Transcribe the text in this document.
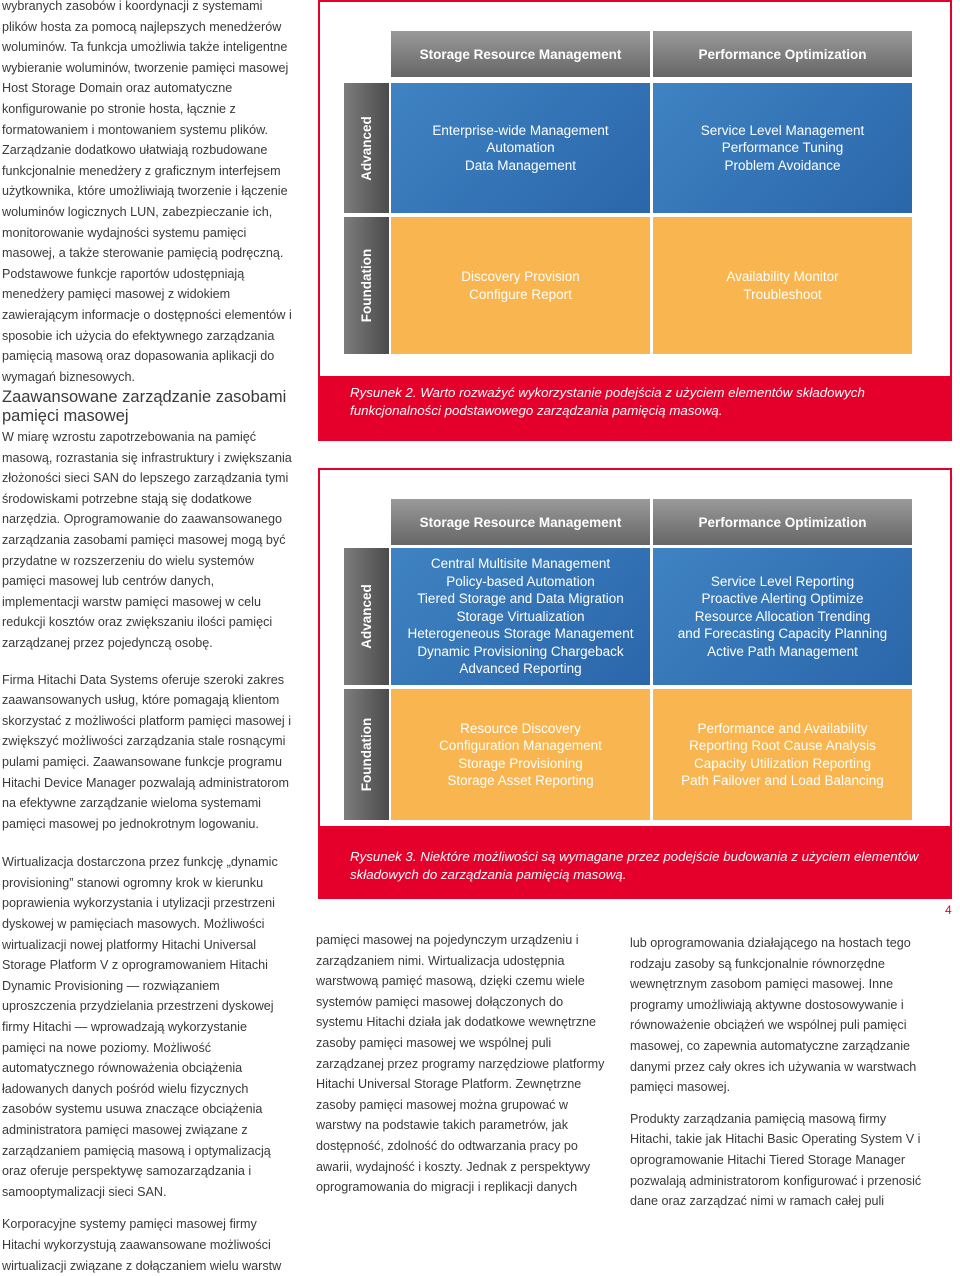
wybranych zasobów i koordynacji z systemami plików hosta za pomocą najlepszych menedżerów woluminów. Ta funkcja umożliwia także inteligentne wybieranie woluminów, tworzenie pamięci masowej Host Storage Domain oraz automatyczne konfigurowanie po stronie hosta, łącznie z formatowaniem i montowaniem systemu plików. Zarządzanie dodatkowo ułatwiają rozbudowane funkcjonalnie menedżery z graficznym interfejsem użytkownika, które umożliwiają tworzenie i łączenie woluminów logicznych LUN, zabezpieczanie ich, monitorowanie wydajności systemu pamięci masowej, a także sterowanie pamięcią podręczną. Podstawowe funkcje raportów udostępniają menedżery pamięci masowej z widokiem zawierającym informacje o dostępności elementów i sposobie ich użycia do efektywnego zarządzania pamięcią masową oraz dopasowania aplikacji do wymagań biznesowych.

Zaawansowane zarządzanie zasobami pamięci masowej

W miarę wzrostu zapotrzebowania na pamięć masową, rozrastania się infrastruktury i zwiększania złożoności sieci SAN do lepszego zarządzania tymi środowiskami potrzebne stają się dodatkowe narzędzia. Oprogramowanie do zaawansowanego zarządzania zasobami pamięci masowej mogą być przydatne w rozszerzeniu do wielu systemów pamięci masowej lub centrów danych, implementacji warstw pamięci masowej w celu redukcji kosztów oraz zwiększaniu ilości pamięci zarządzanej przez pojedynczą osobę.

Firma Hitachi Data Systems oferuje szeroki zakres zaawansowanych usług, które pomagają klientom skorzystać z możliwości platform pamięci masowej i zwiększyć możliwości zarządzania stale rosnącymi pulami pamięci. Zaawansowane funkcje programu Hitachi Device Manager pozwalają administratorom na efektywne zarządzanie wieloma systemami pamięci masowej po jednokrotnym logowaniu.

Wirtualizacja dostarczona przez funkcję „dynamic provisioning” stanowi ogromny krok w kierunku poprawienia wykorzystania i utylizacji przestrzeni dyskowej w pamięciach masowych. Możliwości wirtualizacji nowej platformy Hitachi Universal Storage Platform V z oprogramowaniem Hitachi Dynamic Provisioning — rozwiązaniem uproszczenia przydzielania przestrzeni dyskowej firmy Hitachi — wprowadzają wykorzystanie pamięci na nowe poziomy. Możliwość automatycznego równoważenia obciążenia ładowanych danych pośród wielu fizycznych zasobów systemu usuwa znaczące obciążenia administratora pamięci masowej związane z zarządzaniem pamięcią masową i optymalizacją oraz oferuje perspektywę samozarządzania i samooptymalizacji sieci SAN.

Korporacyjne systemy pamięci masowej firmy Hitachi wykorzystują zaawansowane możliwości wirtualizacji związane z dołączaniem wielu warstw

Storage Resource Management	Performance Optimization
Advanced
Foundation
Enterprise-wide Management
Automation
Data Management
Service Level Management
Performance Tuning
Problem Avoidance
Discovery Provision
Configure Report
Availability Monitor
Troubleshoot
Rysunek 2. Warto rozważyć wykorzystanie podejścia z użyciem elementów składowych funkcjonalności podstawowego zarządzania pamięcią masową.
Storage Resource Management	Performance Optimization
Advanced
Foundation
Central Multisite Management
Policy-based Automation
Tiered Storage and Data Migration
Storage Virtualization
Heterogeneous Storage Management
Dynamic Provisioning Chargeback
Advanced Reporting
Service Level Reporting
Proactive Alerting Optimize
Resource Allocation Trending
and Forecasting Capacity Planning
Active Path Management
Resource Discovery
Configuration Management
Storage Provisioning
Storage Asset Reporting
Performance and Availability
Reporting Root Cause Analysis
Capacity Utilization Reporting
Path Failover and Load Balancing
Rysunek 3. Niektóre możliwości są wymagane przez podejście budowania z użyciem elementów składowych do zarządzania pamięcią masową.
4

pamięci masowej na pojedynczym urządzeniu i zarządzaniem nimi. Wirtualizacja udostępnia warstwową pamięć masową, dzięki czemu wiele systemów pamięci masowej dołączonych do systemu Hitachi działa jak dodatkowe wewnętrzne zasoby pamięci masowej we wspólnej puli zarządzanej przez programy narzędziowe platformy Hitachi Universal Storage Platform. Zewnętrzne zasoby pamięci masowej można grupować w warstwy na podstawie takich parametrów, jak dostępność, zdolność do odtwarzania pracy po awarii, wydajność i koszty. Jednak z perspektywy oprogramowania do migracji i replikacji danych

lub oprogramowania działającego na hostach tego rodzaju zasoby są funkcjonalnie równorzędne wewnętrznym zasobom pamięci masowej. Inne programy umożliwiają aktywne dostosowywanie i równoważenie obciążeń we wspólnej puli pamięci masowej, co zapewnia automatyczne zarządzanie danymi przez cały okres ich używania w warstwach pamięci masowej.

Produkty zarządzania pamięcią masową firmy Hitachi, takie jak Hitachi Basic Operating System V i oprogramowanie Hitachi Tiered Storage Manager pozwalają administratorom konfigurować i przenosić dane oraz zarządzać nimi w ramach całej puli
